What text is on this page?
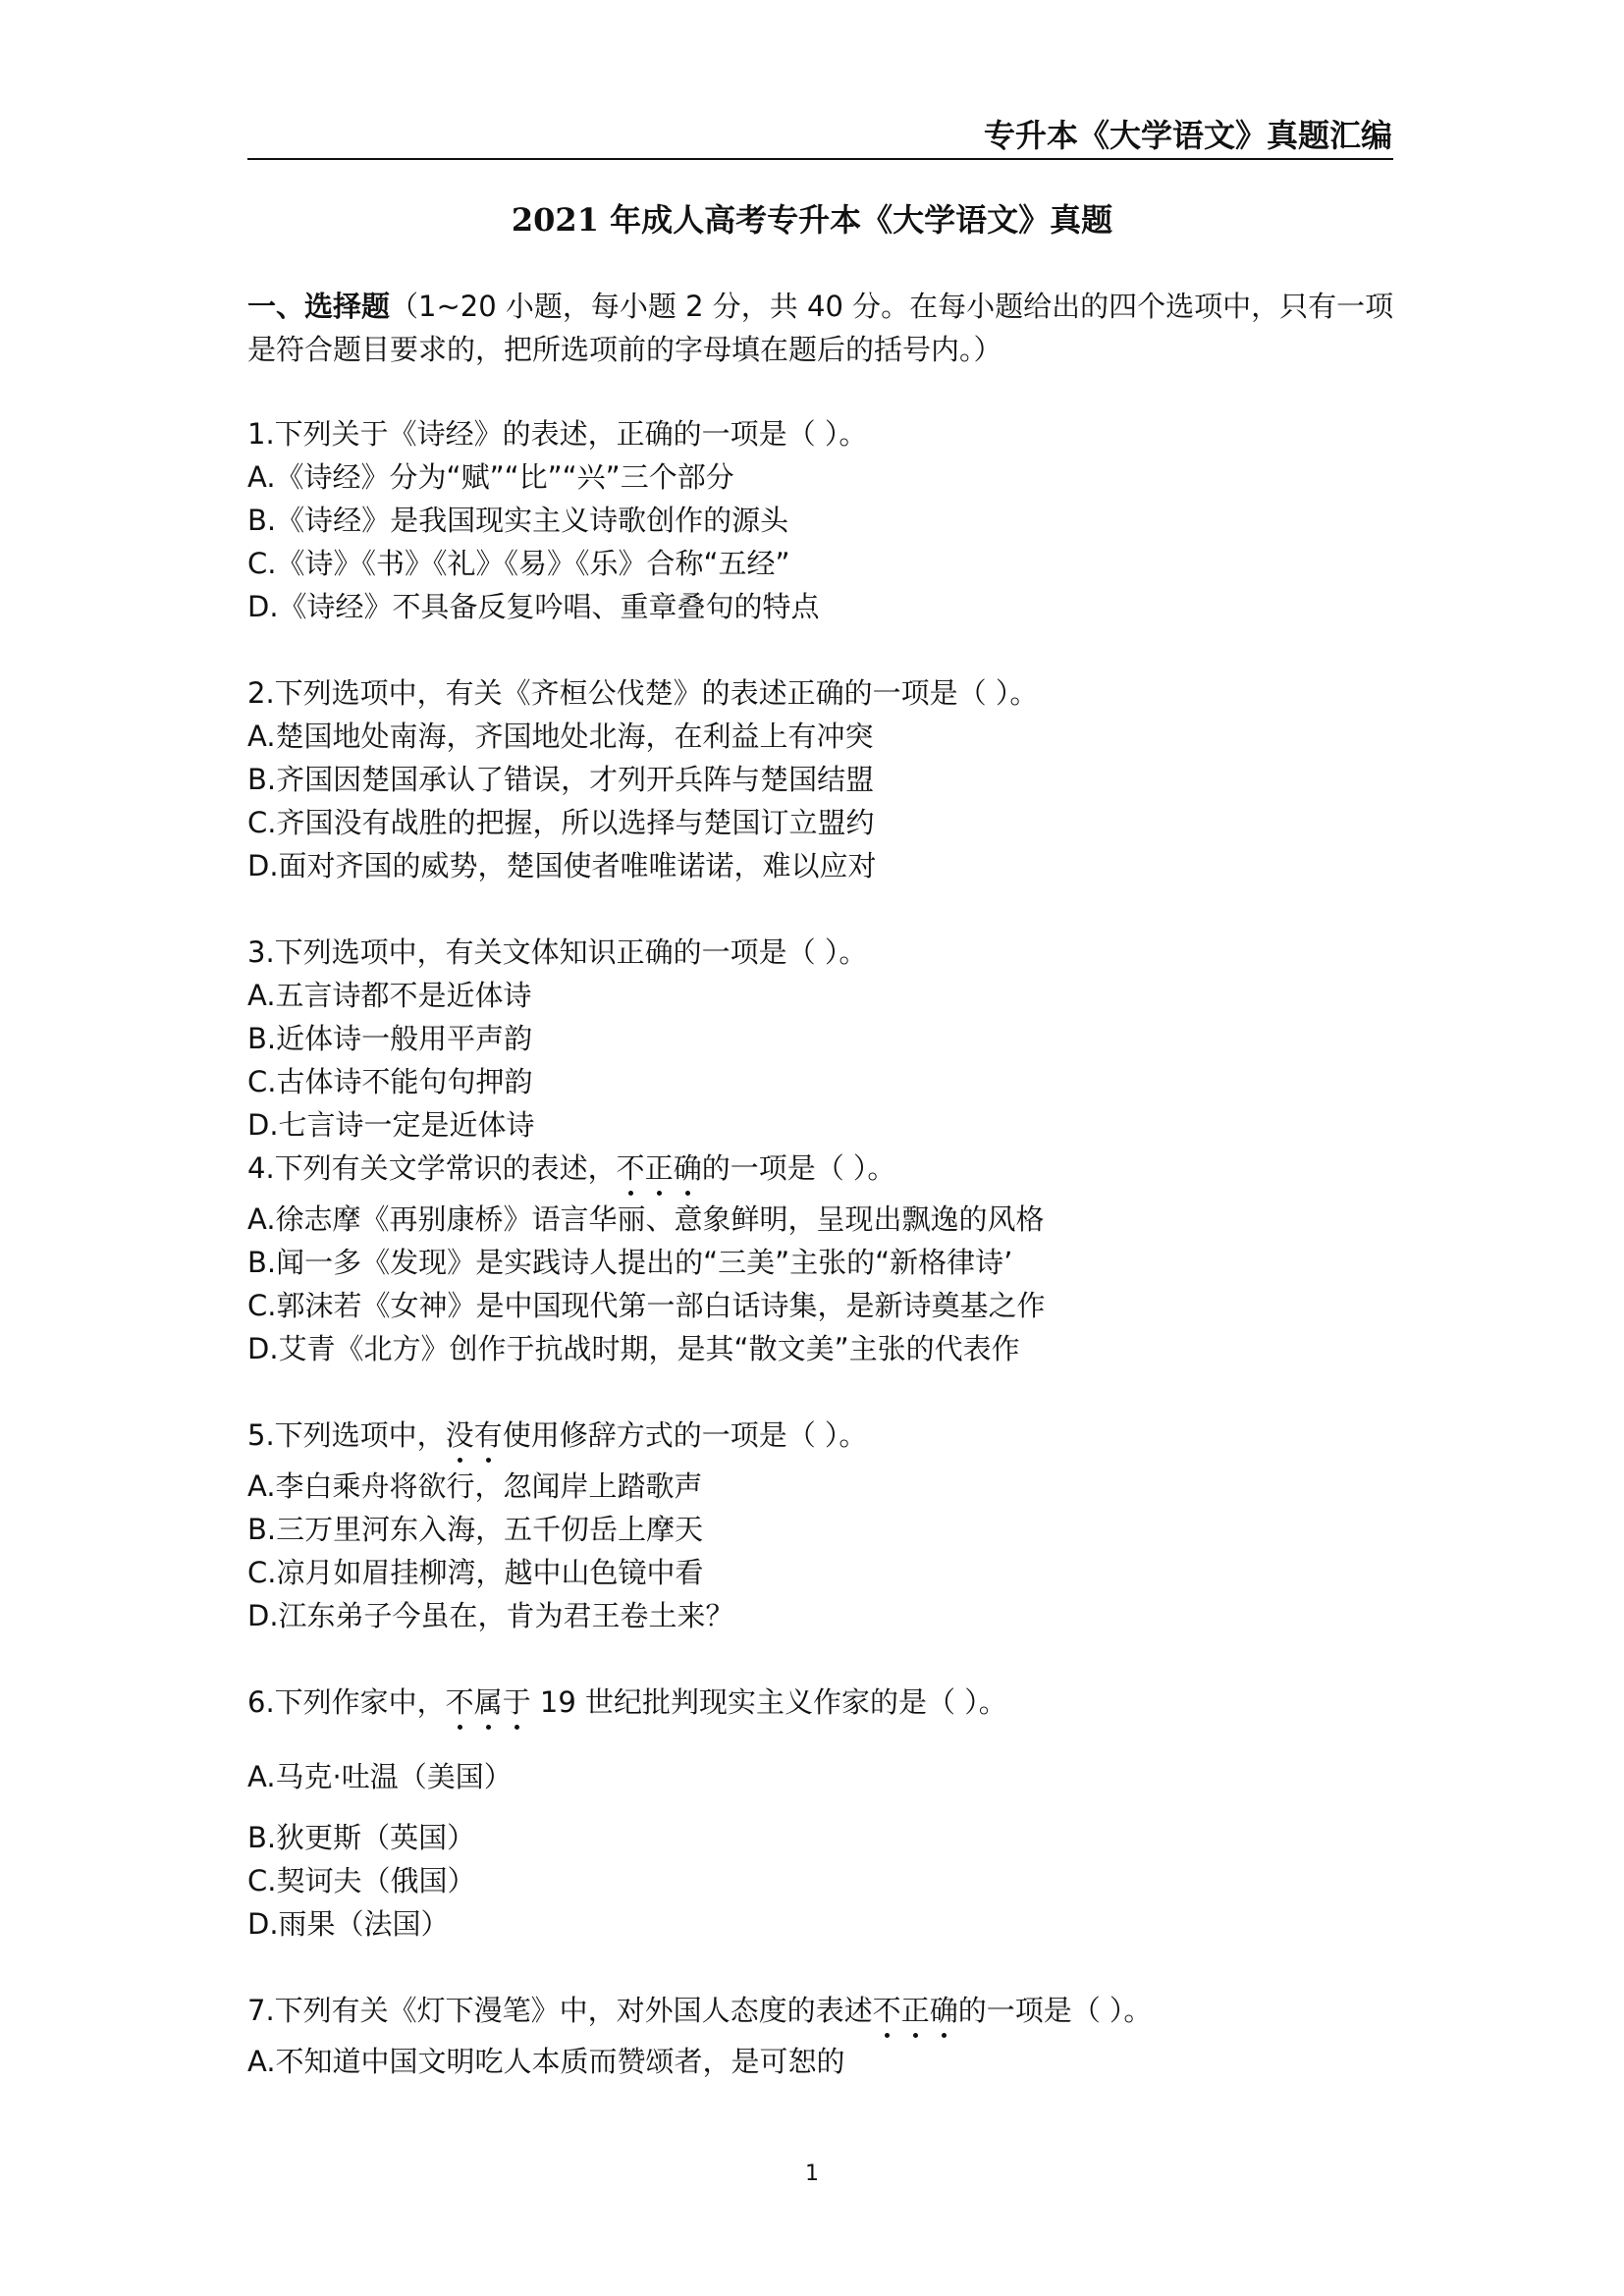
专升本《大学语文》真题汇编
2021 年成人高考专升本《大学语文》真题
一、选择题（1~20 小题，每小题 2 分，共 40 分。在每小题给出的四个选项中，只有一项是符合题目要求的，把所选项前的字母填在题后的括号内。）
1.下列关于《诗经》的表述，正确的一项是（ ）。
A.《诗经》分为“赋”“比”“兴”三个部分
B.《诗经》是我国现实主义诗歌创作的源头
C.《诗》《书》《礼》《易》《乐》合称“五经”
D.《诗经》不具备反复吟唱、重章叠句的特点
2.下列选项中，有关《齐桓公伐楚》的表述正确的一项是（ ）。
A.楚国地处南海，齐国地处北海，在利益上有冲突
B.齐国因楚国承认了错误，才列开兵阵与楚国结盟
C.齐国没有战胜的把握，所以选择与楚国订立盟约
D.面对齐国的威势，楚国使者唯唯诺诺，难以应对
3.下列选项中，有关文体知识正确的一项是（ ）。
A.五言诗都不是近体诗
B.近体诗一般用平声韵
C.古体诗不能句句押韵
D.七言诗一定是近体诗
4.下列有关文学常识的表述，不正确的一项是（ ）。
A.徐志摩《再别康桥》语言华丽、意象鲜明，呈现出飘逸的风格
B.闻一多《发现》是实践诗人提出的“三美”主张的“新格律诗’
C.郭沫若《女神》是中国现代第一部白话诗集，是新诗奠基之作
D.艾青《北方》创作于抗战时期，是其“散文美”主张的代表作
5.下列选项中，没有使用修辞方式的一项是（ ）。
A.李白乘舟将欲行，忽闻岸上踏歌声
B.三万里河东入海，五千仞岳上摩天
C.凉月如眉挂柳湾，越中山色镜中看
D.江东弟子今虽在，肯为君王卷土来？
6.下列作家中，不属于 19 世纪批判现实主义作家的是（ ）。
A.马克·吐温（美国）
B.狄更斯（英国）
C.契诃夫（俄国）
D.雨果（法国）
7.下列有关《灯下漫笔》中，对外国人态度的表述不正确的一项是（ ）。
A.不知道中国文明吃人本质而赞颂者，是可恕的
1
